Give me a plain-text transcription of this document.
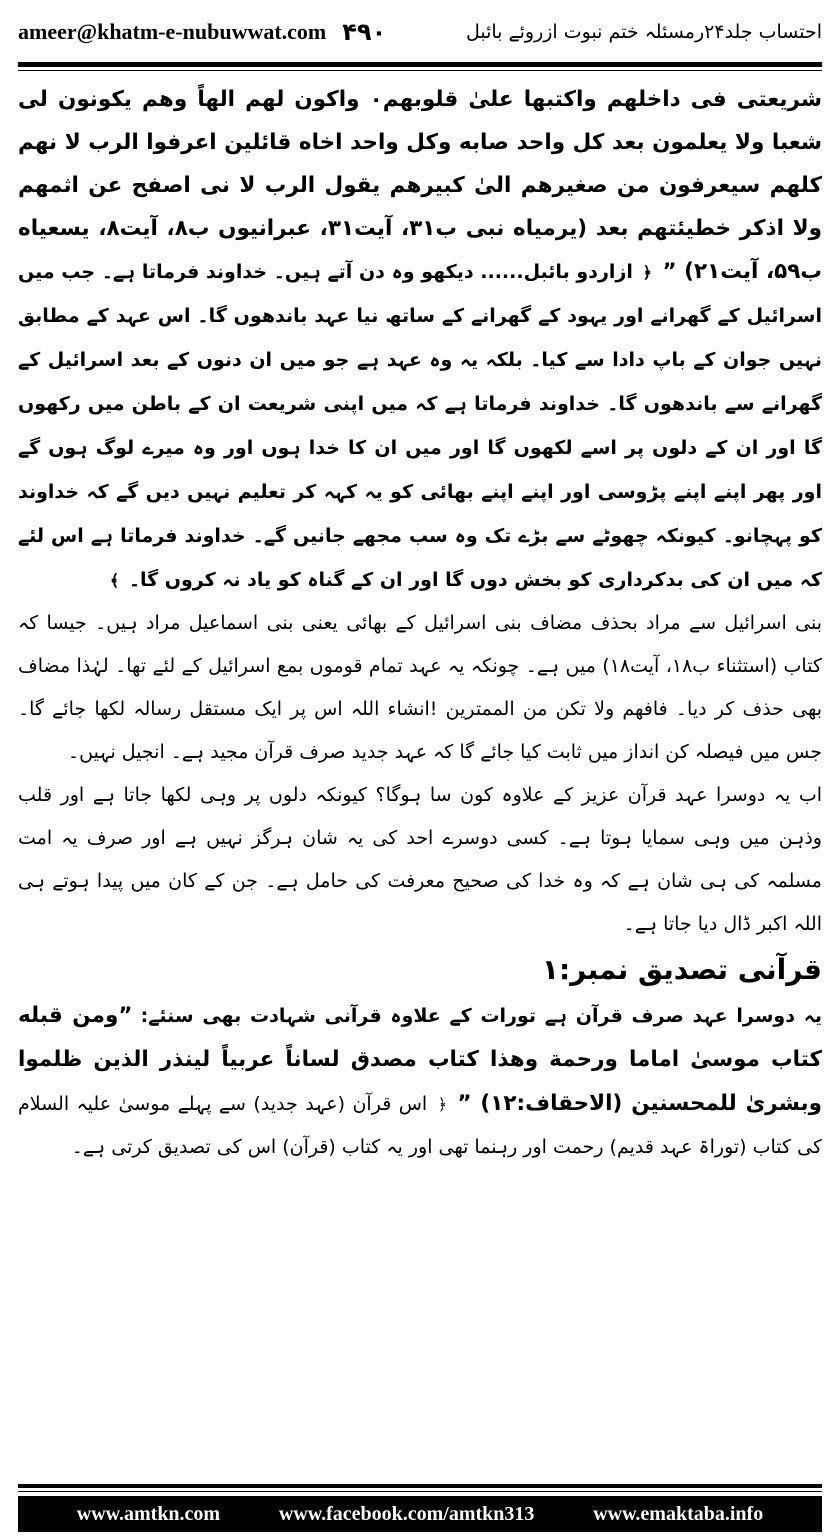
ameer@khatm-e-nubuwwat.com ۴۹۰	احتساب جلد۲۴رمسئلہ ختم نبوت ازروئے بائبل

شریعتی فی داخلهم واکتبها علیٰ قلوبهم۰ واکون لهم الهاً وهم یکونون لی شعبا ولا یعلمون بعد کل واحد صابه وکل واحد اخاه قائلین اعرفوا الرب لا نهم کلهم سیعرفون من صغیرهم الیٰ کبیرهم یقول الرب لا نی اصفح عن اثمهم ولا اذکر خطیئتهم بعد (یرمیاه نبی ب۳۱، آیت۳۱، عبرانیوں ب۸، آیت۸، یسعیاه ب۵۹، آیت۲۱) ” ﴿ ازاردو بائبل...... دیکھو وہ دن آتے ہیں۔ خداوند فرماتا ہے۔ جب میں اسرائیل کے گھرانے اور یہود کے گھرانے کے ساتھ نیا عہد باندھوں گا۔ اس عہد کے مطابق نہیں جوان کے باپ دادا سے کیا۔ بلکہ یہ وہ عہد ہے جو میں ان دنوں کے بعد اسرائیل کے گھرانے سے باندھوں گا۔ خداوند فرماتا ہے کہ میں اپنی شریعت ان کے باطن میں رکھوں گا اور ان کے دلوں پر اسے لکھوں گا اور میں ان کا خدا ہوں اور وہ میرے لوگ ہوں گے اور پھر اپنے اپنے پڑوسی اور اپنے اپنے بھائی کو یہ کہہ کر تعلیم نہیں دیں گے کہ خداوند کو پہچانو۔ کیونکہ چھوٹے سے بڑے تک وہ سب مجھے جانیں گے۔ خداوند فرماتا ہے اس لئے کہ میں ان کی بدکرداری کو بخش دوں گا اور ان کے گناہ کو یاد نہ کروں گا۔ ﴾

بنی اسرائیل سے مراد بحذف مضاف بنی اسرائیل کے بھائی یعنی بنی اسماعیل مراد ہیں۔ جیسا کہ کتاب (استثناء ب۱۸، آیت۱۸) میں ہے۔ چونکہ یہ عہد تمام قوموں بمع اسرائیل کے لئے تھا۔ لہٰذا مضاف بھی حذف کر دیا۔ فافهم ولا تکن من الممترین !انشاء اللہ اس پر ایک مستقل رسالہ لکھا جائے گا۔ جس میں فیصلہ کن انداز میں ثابت کیا جائے گا کہ عہد جدید صرف قرآن مجید ہے۔ انجیل نہیں۔

اب یہ دوسرا عہد قرآن عزیز کے علاوہ کون سا ہوگا؟ کیونکہ دلوں پر وہی لکھا جاتا ہے اور قلب وذہن میں وہی سمایا ہوتا ہے۔ کسی دوسرے احد کی یہ شان ہرگز نہیں ہے اور صرف یہ امت مسلمہ کی ہی شان ہے کہ وہ خدا کی صحیح معرفت کی حامل ہے۔ جن کے کان میں پیدا ہوتے ہی اللہ اکبر ڈال دیا جاتا ہے۔

قرآنی تصدیق نمبر:۱

یہ دوسرا عہد صرف قرآن ہے تورات کے علاوہ قرآنی شہادت بھی سنئے: ”ومن قبله کتاب موسیٰ اماما ورحمة وهذا کتاب مصدق لساناً عربیاً لینذر الذین ظلموا وبشریٰ للمحسنین (الاحقاف:۱۲) ” ﴿ اس قرآن (عہد جدید) سے پہلے موسیٰ علیہ السلام کی کتاب (توراۃ عہد قدیم) رحمت اور رہنما تھی اور یہ کتاب (قرآن) اس کی تصدیق کرتی ہے۔

www.amtkn.com	www.facebook.com/amtkn313	www.emaktaba.info
